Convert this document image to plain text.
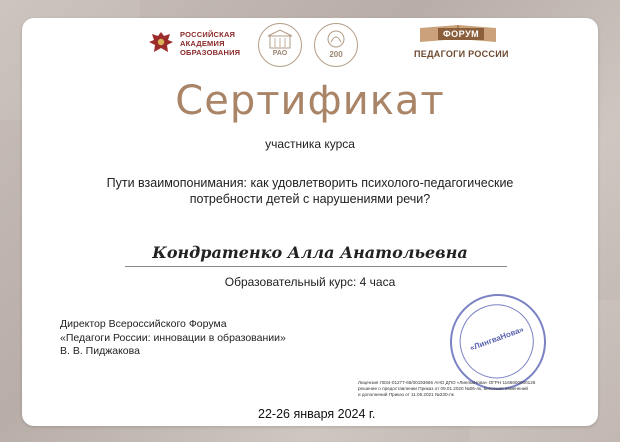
РОССИЙСКАЯ
АКАДЕМИЯ
ОБРАЗОВАНИЯ	РАО	200
ФОРУМ
ПЕДАГОГИ РОССИИ
Сертификат
участника курса
Пути взаимопонимания: как удовлетворить психолого-педагогические
потребности детей с нарушениями речи?
Кондратенко Алла Анатольевна
Образовательный курс: 4 часа
Директор Всероссийского Форума
«Педагоги России: инновации в образовании»
В. В. Пиджакова	«ЛингваНова»
Лицензия Л034-01277-66/00193666 АНО ДПО «ЛингваНова» ОГРН 1166600000126
решение о предоставлении Приказ от 09.01.2020 №06-лк, внесения изменений
и дополнений Приказ от 11.06.2021 №230-лк
22-26 января 2024 г.
